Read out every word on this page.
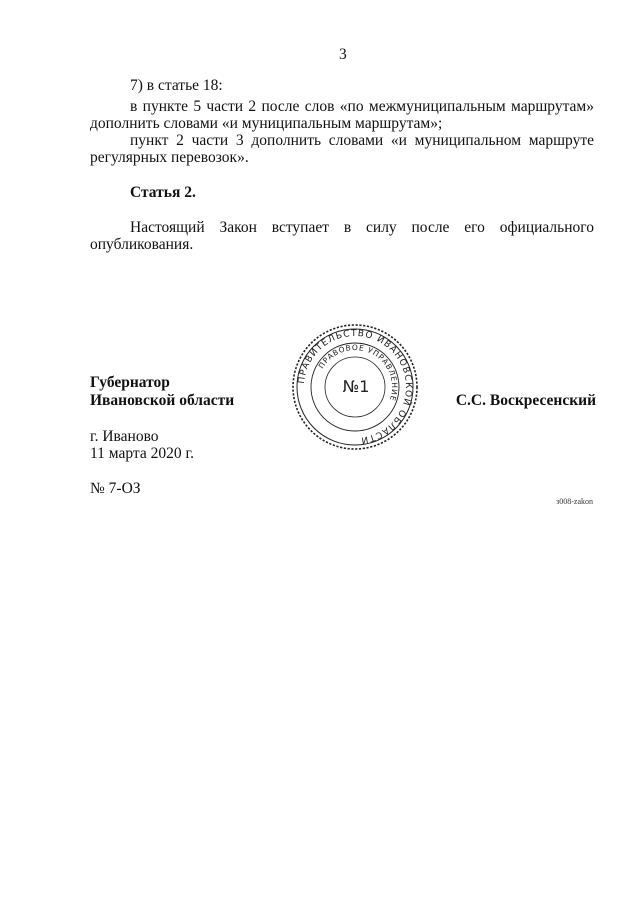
3
7) в статье 18:
в пункте 5 части 2 после слов «по межмуниципальным маршрутам»
дополнить словами «и муниципальным маршрутам»;
пункт 2 части 3 дополнить словами «и муниципальном маршруте
регулярных перевозок».
Статья 2.
Настоящий Закон вступает в силу после его официального
опубликования.
ПРАВИТЕЛЬСТВО ИВАНОВСКОЙ ОБЛАСТИ
ПРАВОВОЕ УПРАВЛЕНИЕ
№1
Губернатор
Ивановской области	С.С. Воскресенский
г. Иваново
11 марта 2020 г.
№ 7-ОЗ
з008-zakon
